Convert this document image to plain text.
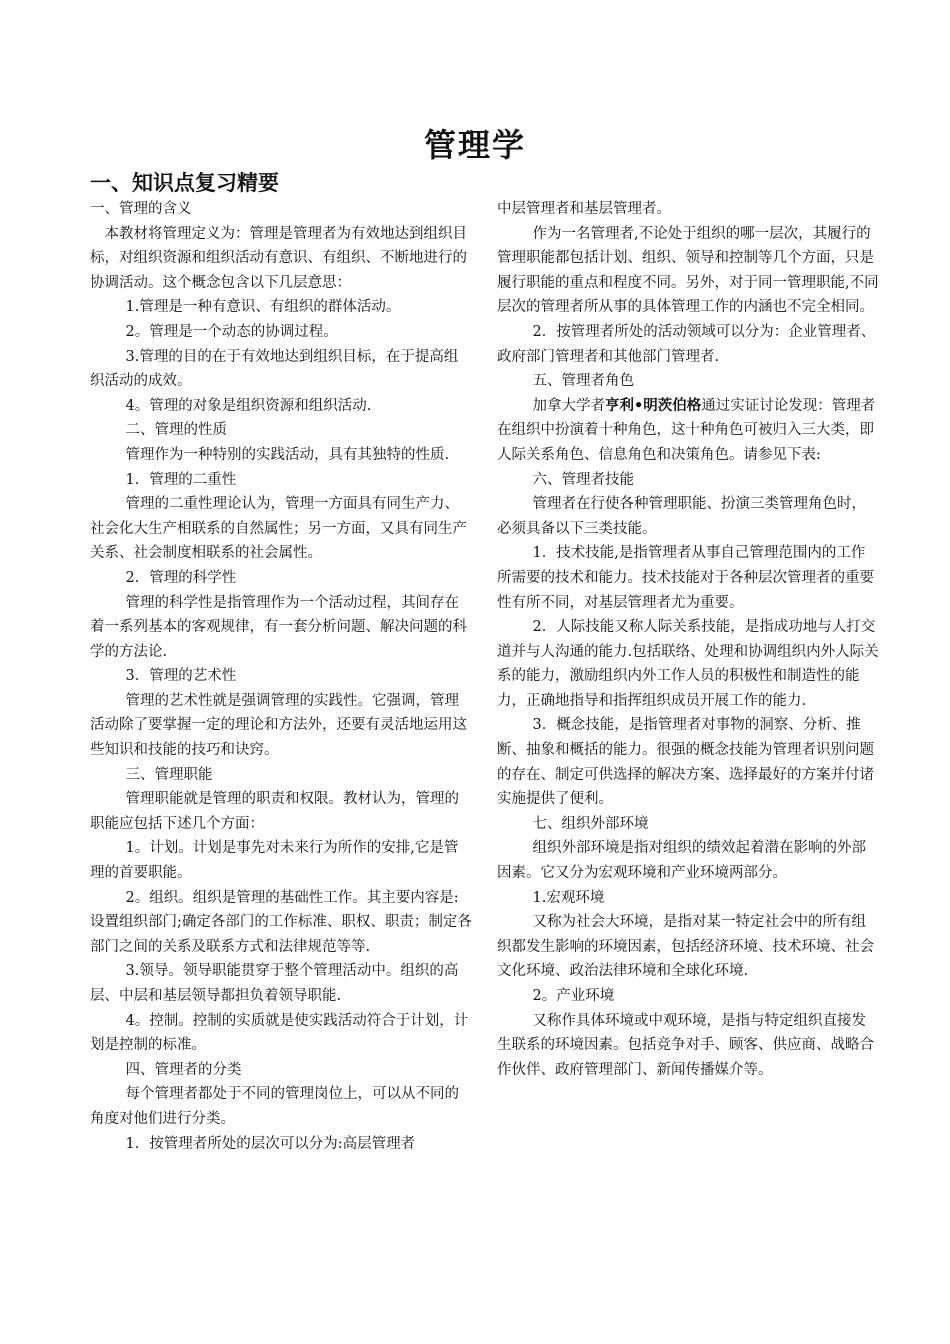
管理学
一、知识点复习精要

一、管理的含义

本教材将管理定义为：管理是管理者为有效地达到组织目标，对组织资源和组织活动有意识、有组织、不断地进行的协调活动。这个概念包含以下几层意思：

1.管理是一种有意识、有组织的群体活动。

2。管理是一个动态的协调过程。

3.管理的目的在于有效地达到组织目标，在于提高组织活动的成效。

4。管理的对象是组织资源和组织活动.

二、管理的性质

管理作为一种特别的实践活动，具有其独特的性质.

1．管理的二重性

管理的二重性理论认为，管理一方面具有同生产力、社会化大生产相联系的自然属性；另一方面，又具有同生产关系、社会制度相联系的社会属性。

2．管理的科学性

管理的科学性是指管理作为一个活动过程，其间存在着一系列基本的客观规律，有一套分析问题、解决问题的科学的方法论.

3．管理的艺术性

管理的艺术性就是强调管理的实践性。它强调，管理活动除了要掌握一定的理论和方法外，还要有灵活地运用这些知识和技能的技巧和诀窍。

三、管理职能

管理职能就是管理的职责和权限。教材认为，管理的职能应包括下述几个方面：

1。计划。计划是事先对未来行为所作的安排,它是管理的首要职能。

2。组织。组织是管理的基础性工作。其主要内容是:设置组织部门;确定各部门的工作标准、职权、职责；制定各部门之间的关系及联系方式和法律规范等等.

3.领导。领导职能贯穿于整个管理活动中。组织的高层、中层和基层领导都担负着领导职能.

4。控制。控制的实质就是使实践活动符合于计划，计划是控制的标准。

四、管理者的分类

每个管理者都处于不同的管理岗位上，可以从不同的角度对他们进行分类。

1．按管理者所处的层次可以分为:高层管理者

中层管理者和基层管理者。

作为一名管理者,不论处于组织的哪一层次，其履行的管理职能都包括计划、组织、领导和控制等几个方面，只是履行职能的重点和程度不同。另外，对于同一管理职能,不同层次的管理者所从事的具体管理工作的内涵也不完全相同。

2．按管理者所处的活动领域可以分为：企业管理者、政府部门管理者和其他部门管理者.

五、管理者角色

加拿大学者亨利•明茨伯格通过实证讨论发现：管理者在组织中扮演着十种角色，这十种角色可被归入三大类，即人际关系角色、信息角色和决策角色。请参见下表:

六、管理者技能

管理者在行使各种管理职能、扮演三类管理角色时，必须具备以下三类技能。

1．技术技能,是指管理者从事自己管理范围内的工作所需要的技术和能力。技术技能对于各种层次管理者的重要性有所不同，对基层管理者尤为重要。

2．人际技能又称人际关系技能，是指成功地与人打交道并与人沟通的能力.包括联络、处理和协调组织内外人际关系的能力，激励组织内外工作人员的积极性和制造性的能力，正确地指导和指挥组织成员开展工作的能力.

3．概念技能，是指管理者对事物的洞察、分析、推断、抽象和概括的能力。很强的概念技能为管理者识别问题的存在、制定可供选择的解决方案、选择最好的方案并付诸实施提供了便利。

七、组织外部环境

组织外部环境是指对组织的绩效起着潜在影响的外部因素。它又分为宏观环境和产业环境两部分。

1.宏观环境

又称为社会大环境，是指对某一特定社会中的所有组织都发生影响的环境因素，包括经济环境、技术环境、社会文化环境、政治法律环境和全球化环境.

2。产业环境

又称作具体环境或中观环境，是指与特定组织直接发生联系的环境因素。包括竞争对手、顾客、供应商、战略合作伙伴、政府管理部门、新闻传播媒介等。
